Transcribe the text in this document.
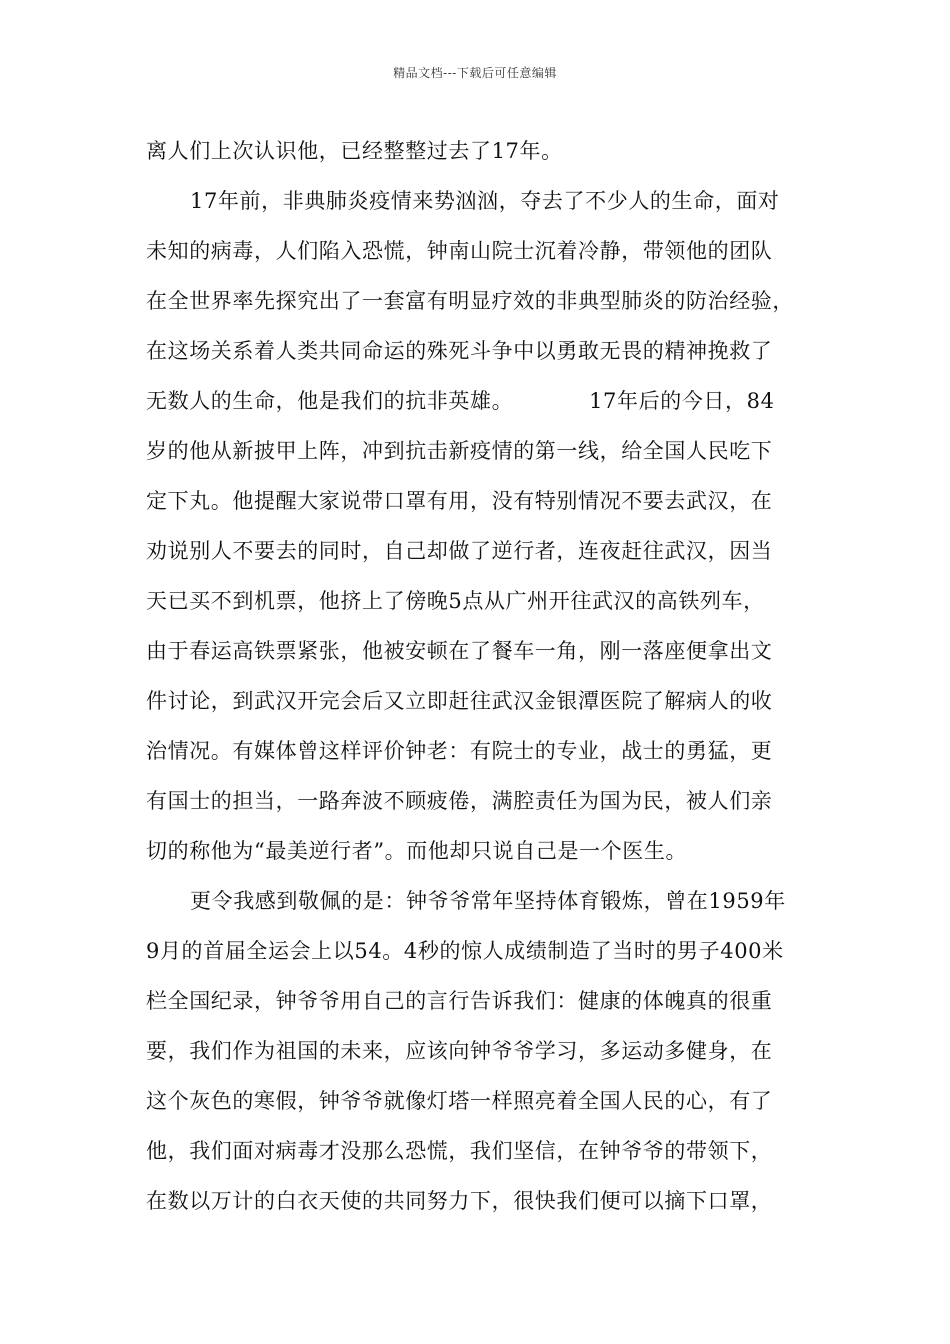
精品文档---下载后可任意编辑
离人们上次认识他，已经整整过去了17年。
17年前，非典肺炎疫情来势汹汹，夺去了不少人的生命，面对
未知的病毒，人们陷入恐慌，钟南山院士沉着冷静，带领他的团队
在全世界率先探究出了一套富有明显疗效的非典型肺炎的防治经验，
在这场关系着人类共同命运的殊死斗争中以勇敢无畏的精神挽救了
无数人的生命，他是我们的抗非英雄。　　　　17年后的今日，84
岁的他从新披甲上阵，冲到抗击新疫情的第一线，给全国人民吃下
定下丸。他提醒大家说带口罩有用，没有特别情况不要去武汉，在
劝说别人不要去的同时，自己却做了逆行者，连夜赶往武汉，因当
天已买不到机票，他挤上了傍晚5点从广州开往武汉的高铁列车，
由于春运高铁票紧张，他被安顿在了餐车一角，刚一落座便拿出文
件讨论，到武汉开完会后又立即赶往武汉金银潭医院了解病人的收
治情况。有媒体曾这样评价钟老：有院士的专业，战士的勇猛，更
有国士的担当，一路奔波不顾疲倦，满腔责任为国为民，被人们亲
切的称他为“最美逆行者”。而他却只说自己是一个医生。
更令我感到敬佩的是：钟爷爷常年坚持体育锻炼，曾在1959年
9月的首届全运会上以54。4秒的惊人成绩制造了当时的男子400米
栏全国纪录，钟爷爷用自己的言行告诉我们：健康的体魄真的很重
要，我们作为祖国的未来，应该向钟爷爷学习，多运动多健身，在
这个灰色的寒假，钟爷爷就像灯塔一样照亮着全国人民的心，有了
他，我们面对病毒才没那么恐慌，我们坚信，在钟爷爷的带领下，
在数以万计的白衣天使的共同努力下，很快我们便可以摘下口罩，
